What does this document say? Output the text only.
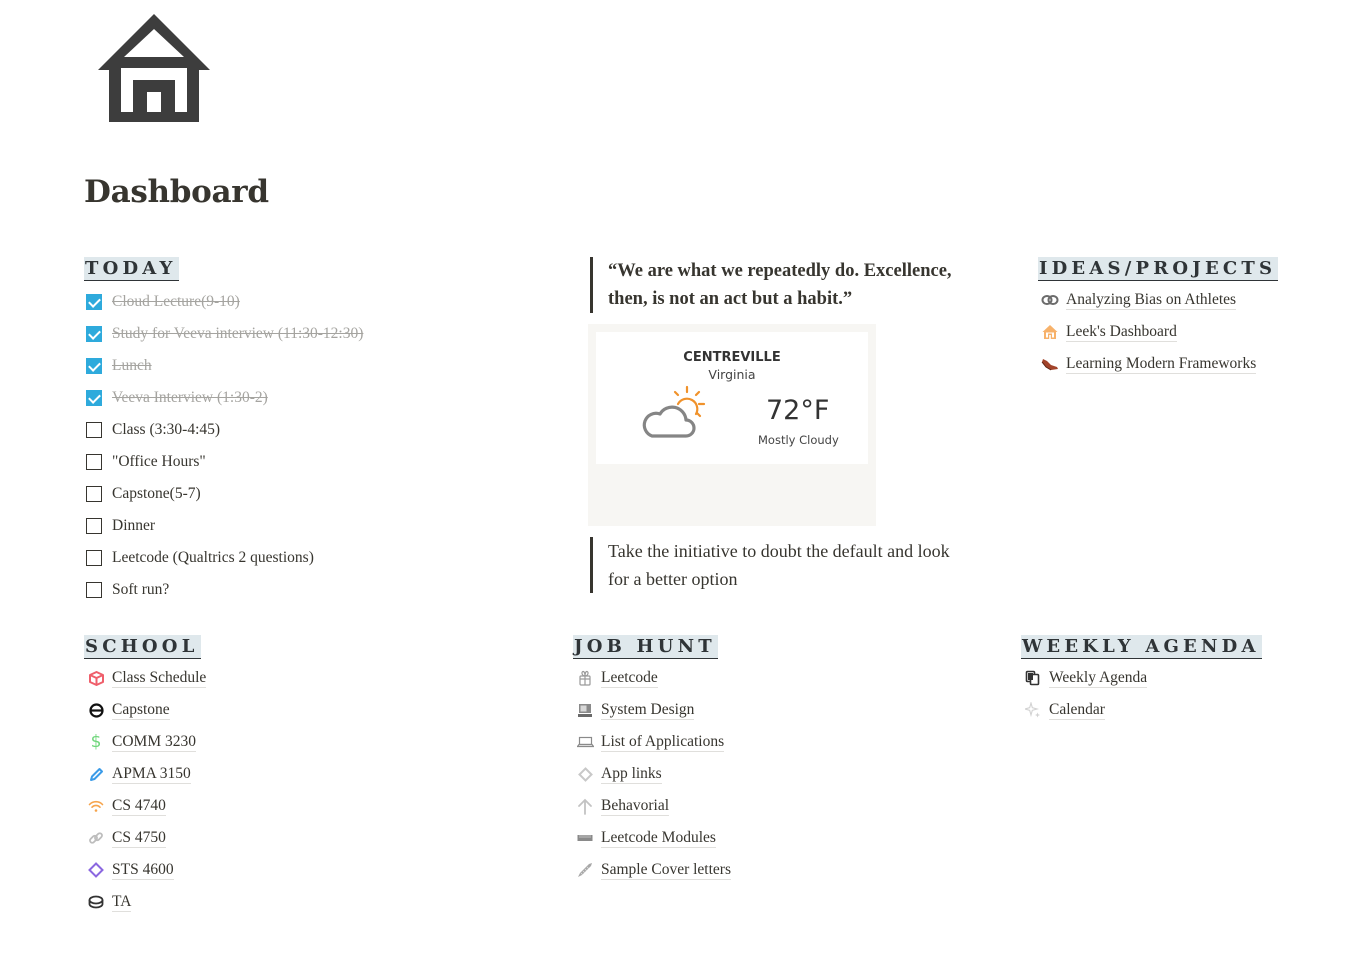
Dashboard
TODAY
Cloud Lecture(9-10)
Study for Veeva interview (11:30-12:30)
Lunch
Veeva Interview (1:30-2)
Class (3:30-4:45)
"Office Hours"
Capstone(5-7)
Dinner
Leetcode (Qualtrics 2 questions)
Soft run?
“We are what we repeatedly do. Excellence, then, is not an act but a habit.”
CENTREVILLE
Virginia
72°F
Mostly Cloudy
Take the initiative to doubt the default and look for a better option
IDEAS/PROJECTS
Analyzing Bias on Athletes
Leek's Dashboard
Learning Modern Frameworks
SCHOOL
Class Schedule
Capstone
$ COMM 3230
APMA 3150
CS 4740
CS 4750
STS 4600
TA
JOB HUNT
Leetcode
System Design
List of Applications
App links
Behavorial
Leetcode Modules
Sample Cover letters
WEEKLY AGENDA
Weekly Agenda
Calendar
